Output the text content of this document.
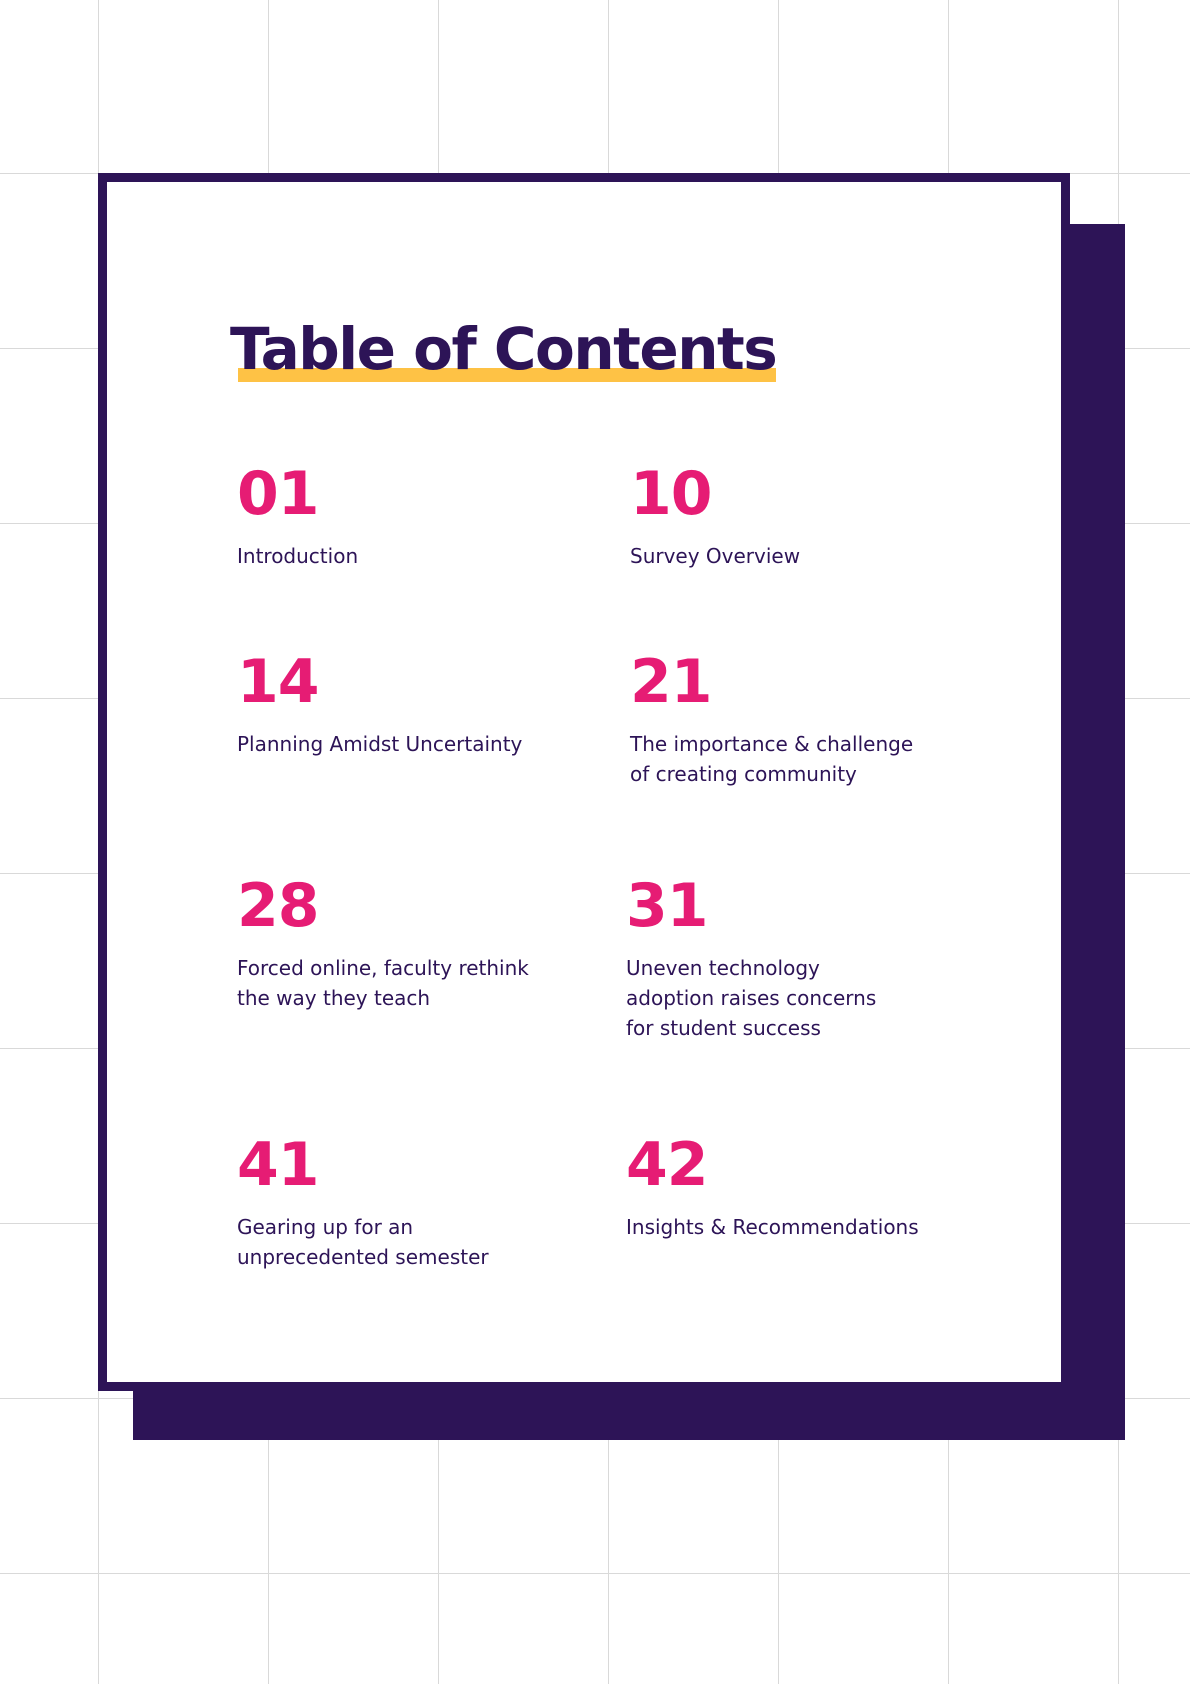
Table of Contents
01
Introduction
10
Survey Overview
14
Planning Amidst Uncertainty
21
The importance & challenge
of creating community
28
Forced online, faculty rethink
the way they teach
31
Uneven technology
adoption raises concerns
for student success
41
Gearing up for an
unprecedented semester
42
Insights & Recommendations
